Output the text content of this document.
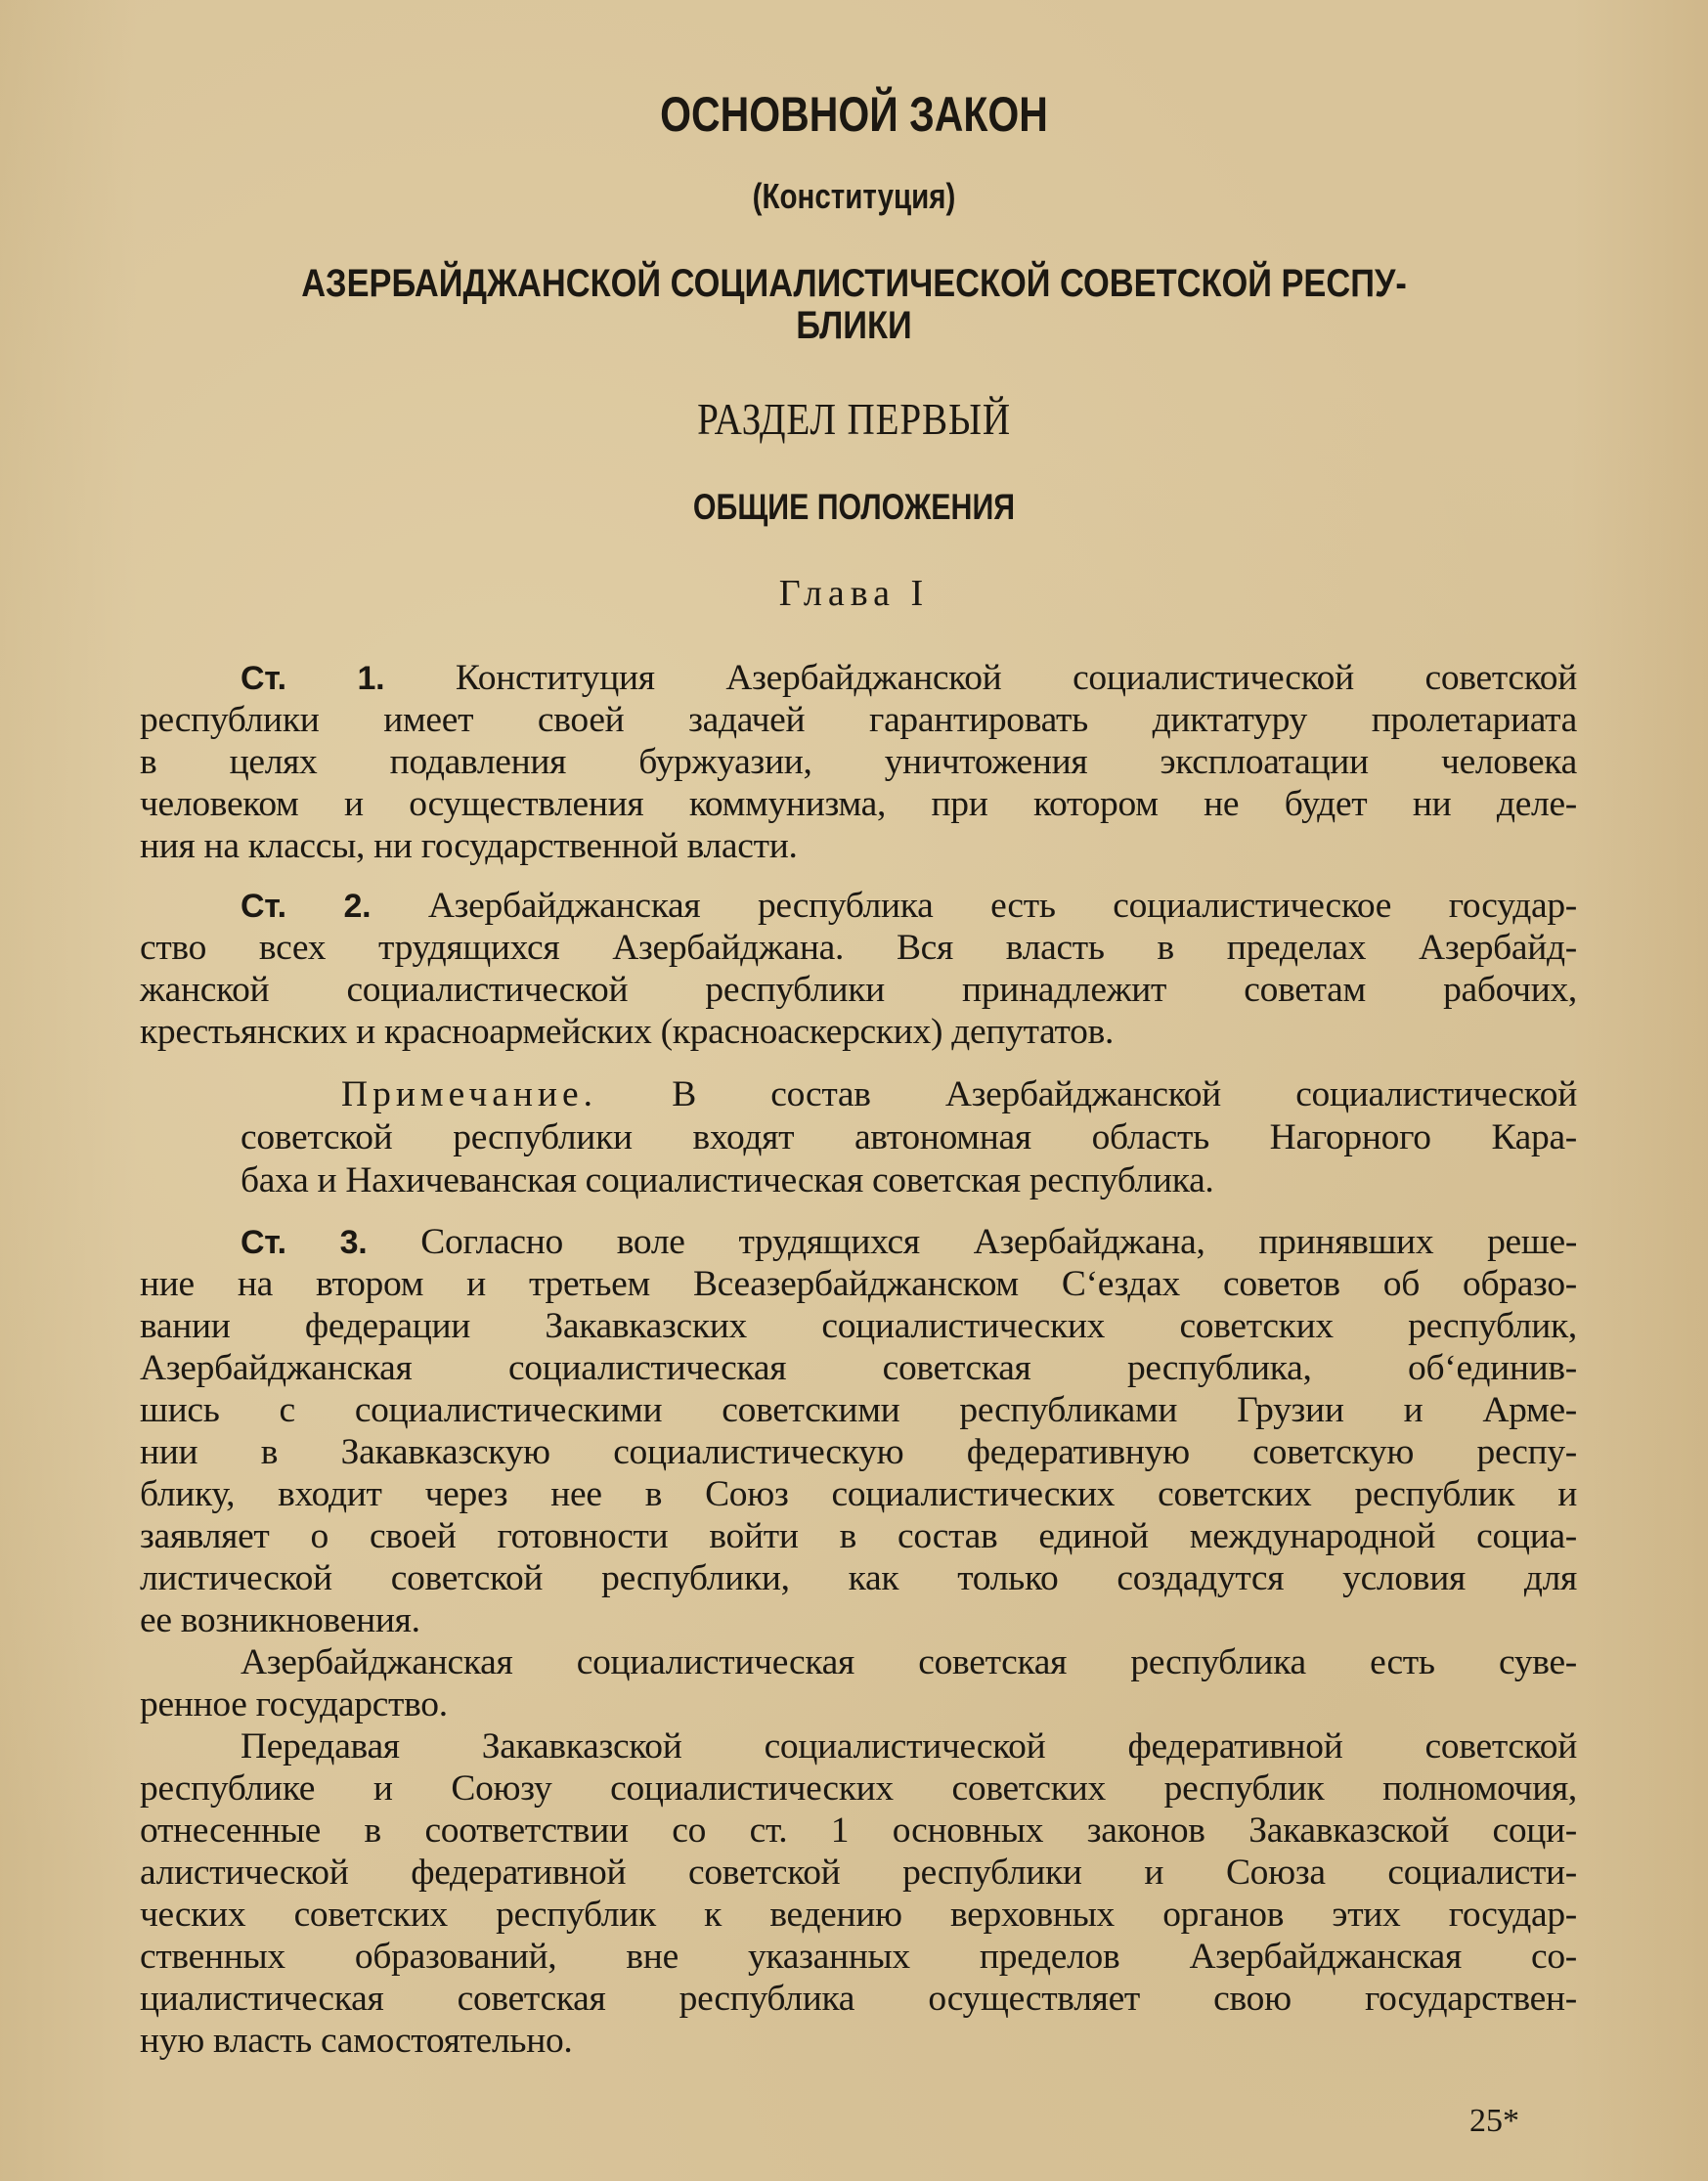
ОСНОВНОЙ ЗАКОН
(Конституция)
АЗЕРБАЙДЖАНСКОЙ СОЦИАЛИСТИЧЕСКОЙ СОВЕТСКОЙ РЕСПУ-
БЛИКИ
РАЗДЕЛ ПЕРВЫЙ
ОБЩИЕ ПОЛОЖЕНИЯ
Глава I
Ст. 1. Конституция Азербайджанской социалистической советской
республики имеет своей задачей гарантировать диктатуру пролетариата
в целях подавления буржуазии, уничтожения эксплоатации человека
человеком и осуществления коммунизма, при котором не будет ни деле-
ния на классы, ни государственной власти.
Ст. 2. Азербайджанская республика есть социалистическое государ-
ство всех трудящихся Азербайджана. Вся власть в пределах Азербайд-
жанской социалистической республики принадлежит советам рабочих,
крестьянских и красноармейских (красноаскерских) депутатов.
Примечание. В состав Азербайджанской социалистической
советской республики входят автономная область Нагорного Кара-
баха и Нахичеванская социалистическая советская республика.
Ст. 3. Согласно воле трудящихся Азербайджана, принявших реше-
ние на втором и третьем Всеазербайджанском С‘ездах советов об образо-
вании федерации Закавказских социалистических советских республик,
Азербайджанская социалистическая советская республика, об‘единив-
шись с социалистическими советскими республиками Грузии и Арме-
нии в Закавказскую социалистическую федеративную советскую респу-
блику, входит через нее в Союз социалистических советских республик и
заявляет о своей готовности войти в состав единой международной социа-
листической советской республики, как только создадутся условия для
ее возникновения.
Азербайджанская социалистическая советская республика есть суве-
ренное государство.
Передавая Закавказской социалистической федеративной советской
республике и Союзу социалистических советских республик полномочия,
отнесенные в соответствии со ст. 1 основных законов Закавказской соци-
алистической федеративной советской республики и Союза социалисти-
ческих советских республик к ведению верховных органов этих государ-
ственных образований, вне указанных пределов Азербайджанская со-
циалистическая советская республика осуществляет свою государствен-
ную власть самостоятельно.
25*
